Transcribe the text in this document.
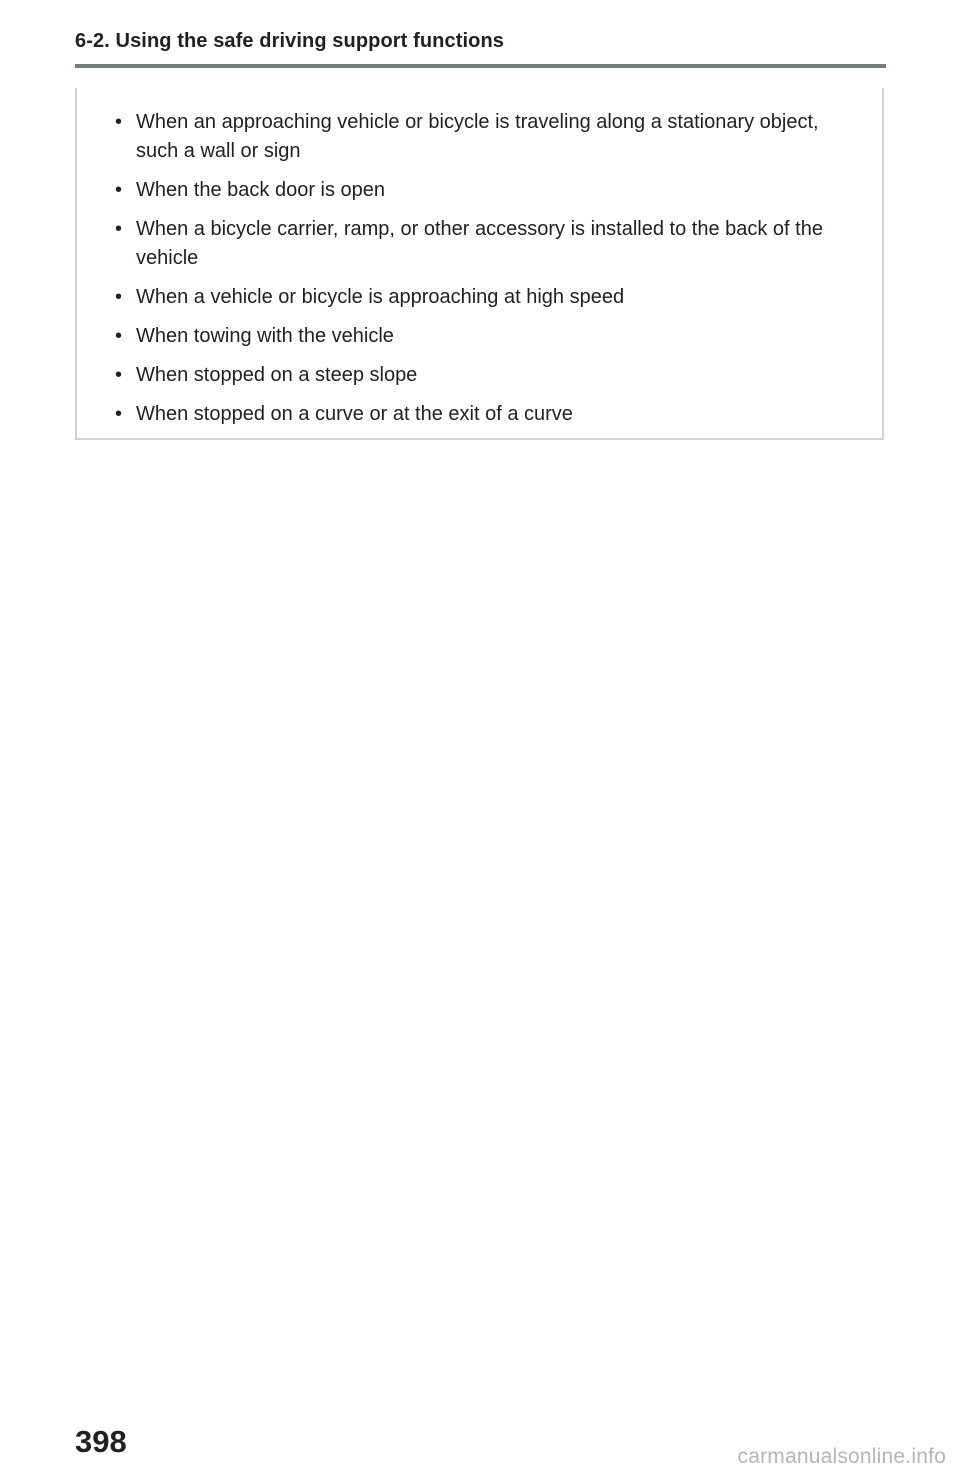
6-2. Using the safe driving support functions
• When an approaching vehicle or bicycle is traveling along a stationary object, such a wall or sign
• When the back door is open
• When a bicycle carrier, ramp, or other accessory is installed to the back of the vehicle
• When a vehicle or bicycle is approaching at high speed
• When towing with the vehicle
• When stopped on a steep slope
• When stopped on a curve or at the exit of a curve
398	carmanualsonline.info
